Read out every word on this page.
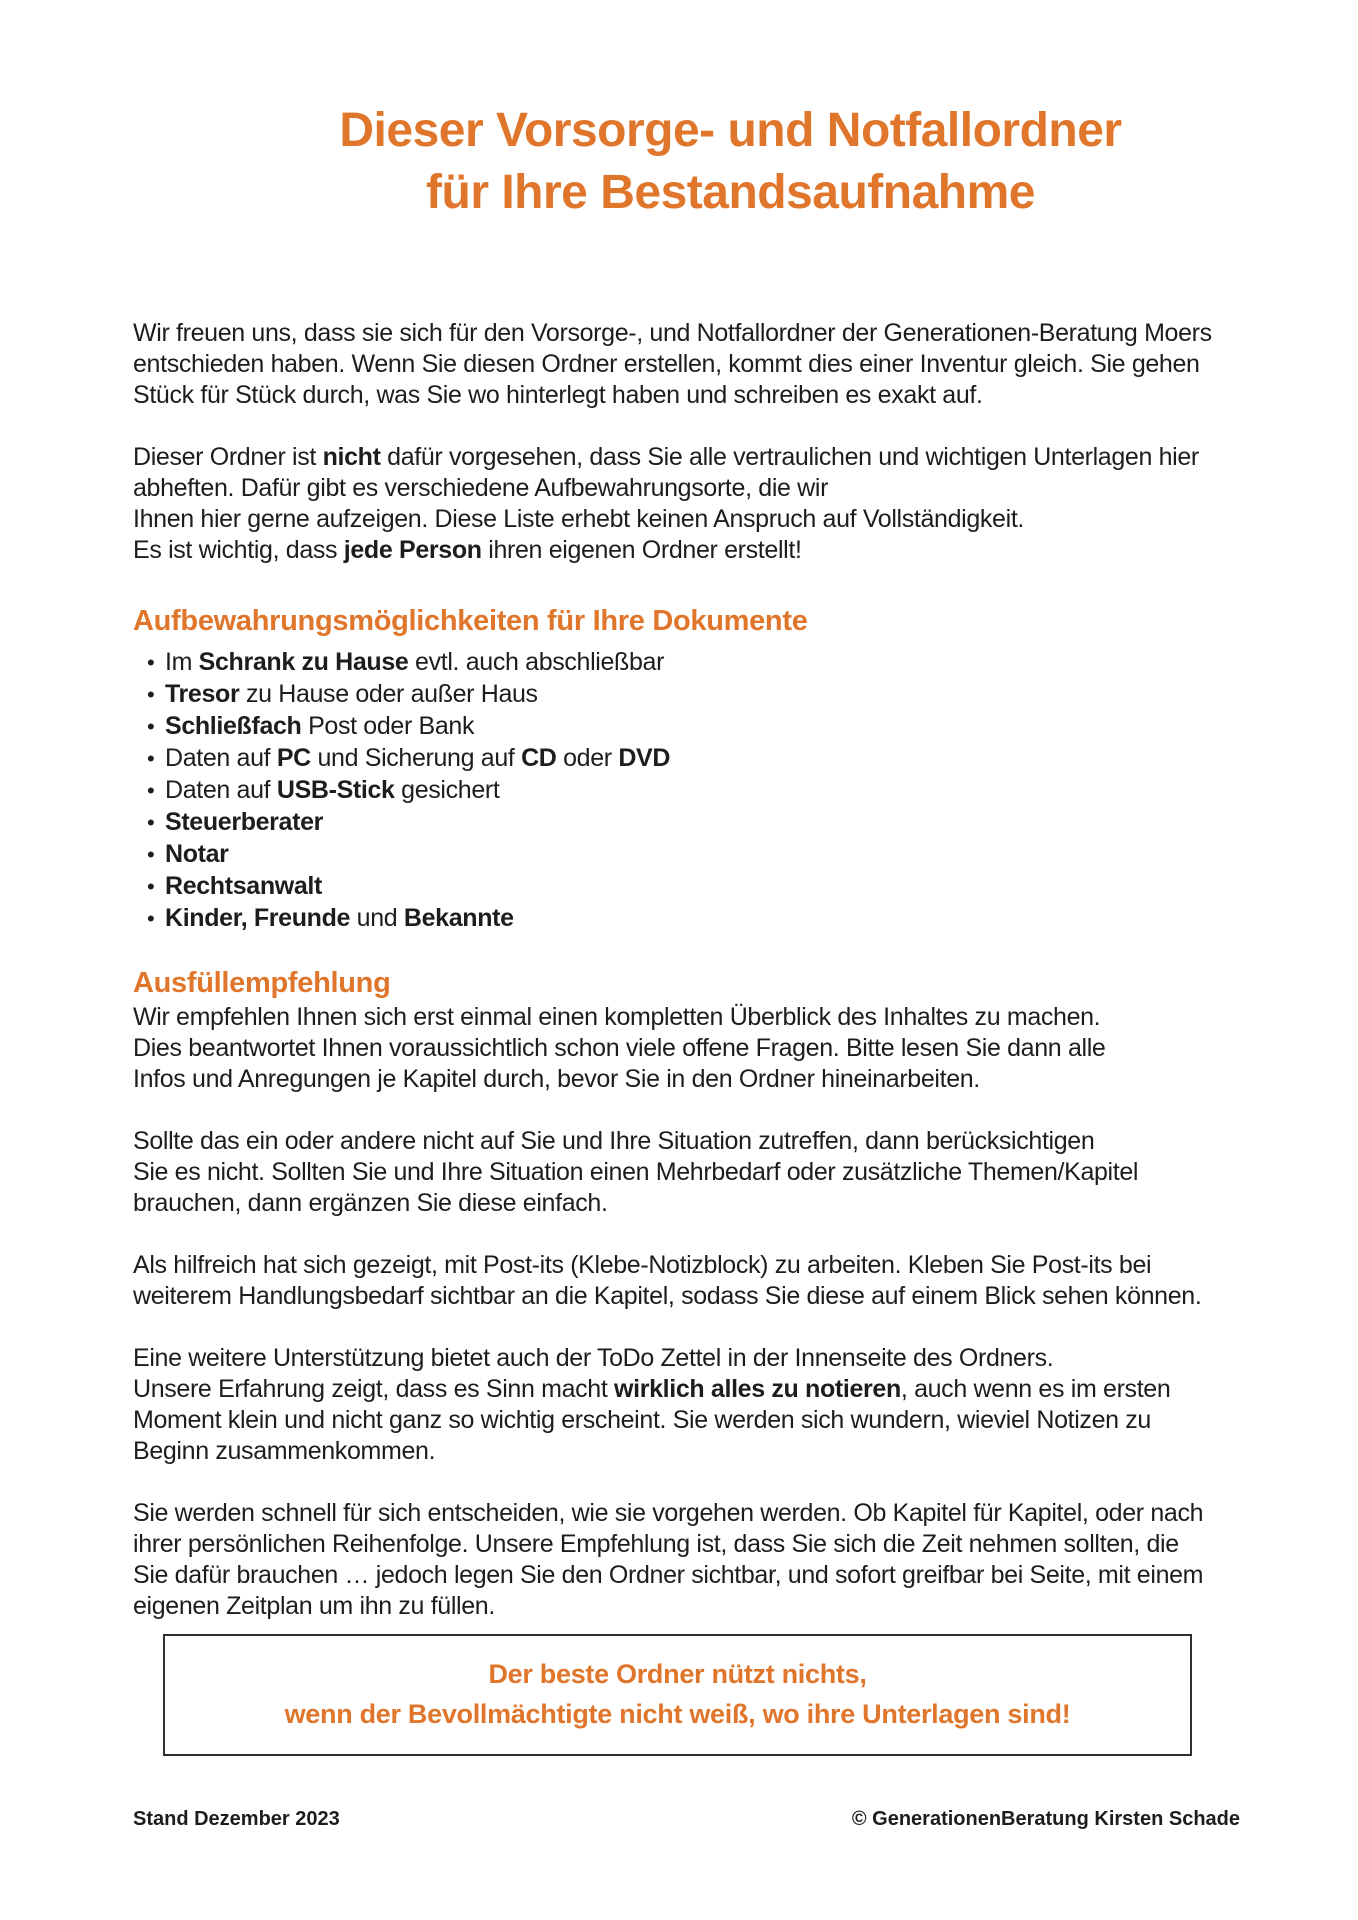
Dieser Vorsorge- und Notfallordner
für Ihre Bestandsaufnahme
Wir freuen uns, dass sie sich für den Vorsorge-, und Notfallordner der Generationen-Beratung Moers
entschieden haben. Wenn Sie diesen Ordner erstellen, kommt dies einer Inventur gleich. Sie gehen
Stück für Stück durch, was Sie wo hinterlegt haben und schreiben es exakt auf.
Dieser Ordner ist nicht dafür vorgesehen, dass Sie alle vertraulichen und wichtigen Unterlagen hier
abheften. Dafür gibt es verschiedene Aufbewahrungsorte, die wir
Ihnen hier gerne aufzeigen. Diese Liste erhebt keinen Anspruch auf Vollständigkeit.
Es ist wichtig, dass jede Person ihren eigenen Ordner erstellt!
Aufbewahrungsmöglichkeiten für Ihre Dokumente
• Im Schrank zu Hause evtl. auch abschließbar
• Tresor zu Hause oder außer Haus
• Schließfach Post oder Bank
• Daten auf PC und Sicherung auf CD oder DVD
• Daten auf USB-Stick gesichert
• Steuerberater
• Notar
• Rechtsanwalt
• Kinder, Freunde und Bekannte
Ausfüllempfehlung
Wir empfehlen Ihnen sich erst einmal einen kompletten Überblick des Inhaltes zu machen.
Dies beantwortet Ihnen voraussichtlich schon viele offene Fragen. Bitte lesen Sie dann alle
Infos und Anregungen je Kapitel durch, bevor Sie in den Ordner hineinarbeiten.
Sollte das ein oder andere nicht auf Sie und Ihre Situation zutreffen, dann berücksichtigen
Sie es nicht. Sollten Sie und Ihre Situation einen Mehrbedarf oder zusätzliche Themen/Kapitel
brauchen, dann ergänzen Sie diese einfach.
Als hilfreich hat sich gezeigt, mit Post-its (Klebe-Notizblock) zu arbeiten. Kleben Sie Post-its bei
weiterem Handlungsbedarf sichtbar an die Kapitel, sodass Sie diese auf einem Blick sehen können.
Eine weitere Unterstützung bietet auch der ToDo Zettel in der Innenseite des Ordners.
Unsere Erfahrung zeigt, dass es Sinn macht wirklich alles zu notieren, auch wenn es im ersten
Moment klein und nicht ganz so wichtig erscheint. Sie werden sich wundern, wieviel Notizen zu
Beginn zusammenkommen.
Sie werden schnell für sich entscheiden, wie sie vorgehen werden. Ob Kapitel für Kapitel, oder nach
ihrer persönlichen Reihenfolge. Unsere Empfehlung ist, dass Sie sich die Zeit nehmen sollten, die
Sie dafür brauchen … jedoch legen Sie den Ordner sichtbar, und sofort greifbar bei Seite, mit einem
eigenen Zeitplan um ihn zu füllen.
Der beste Ordner nützt nichts,
wenn der Bevollmächtigte nicht weiß, wo ihre Unterlagen sind!
Stand Dezember 2023	© GenerationenBeratung Kirsten Schade
